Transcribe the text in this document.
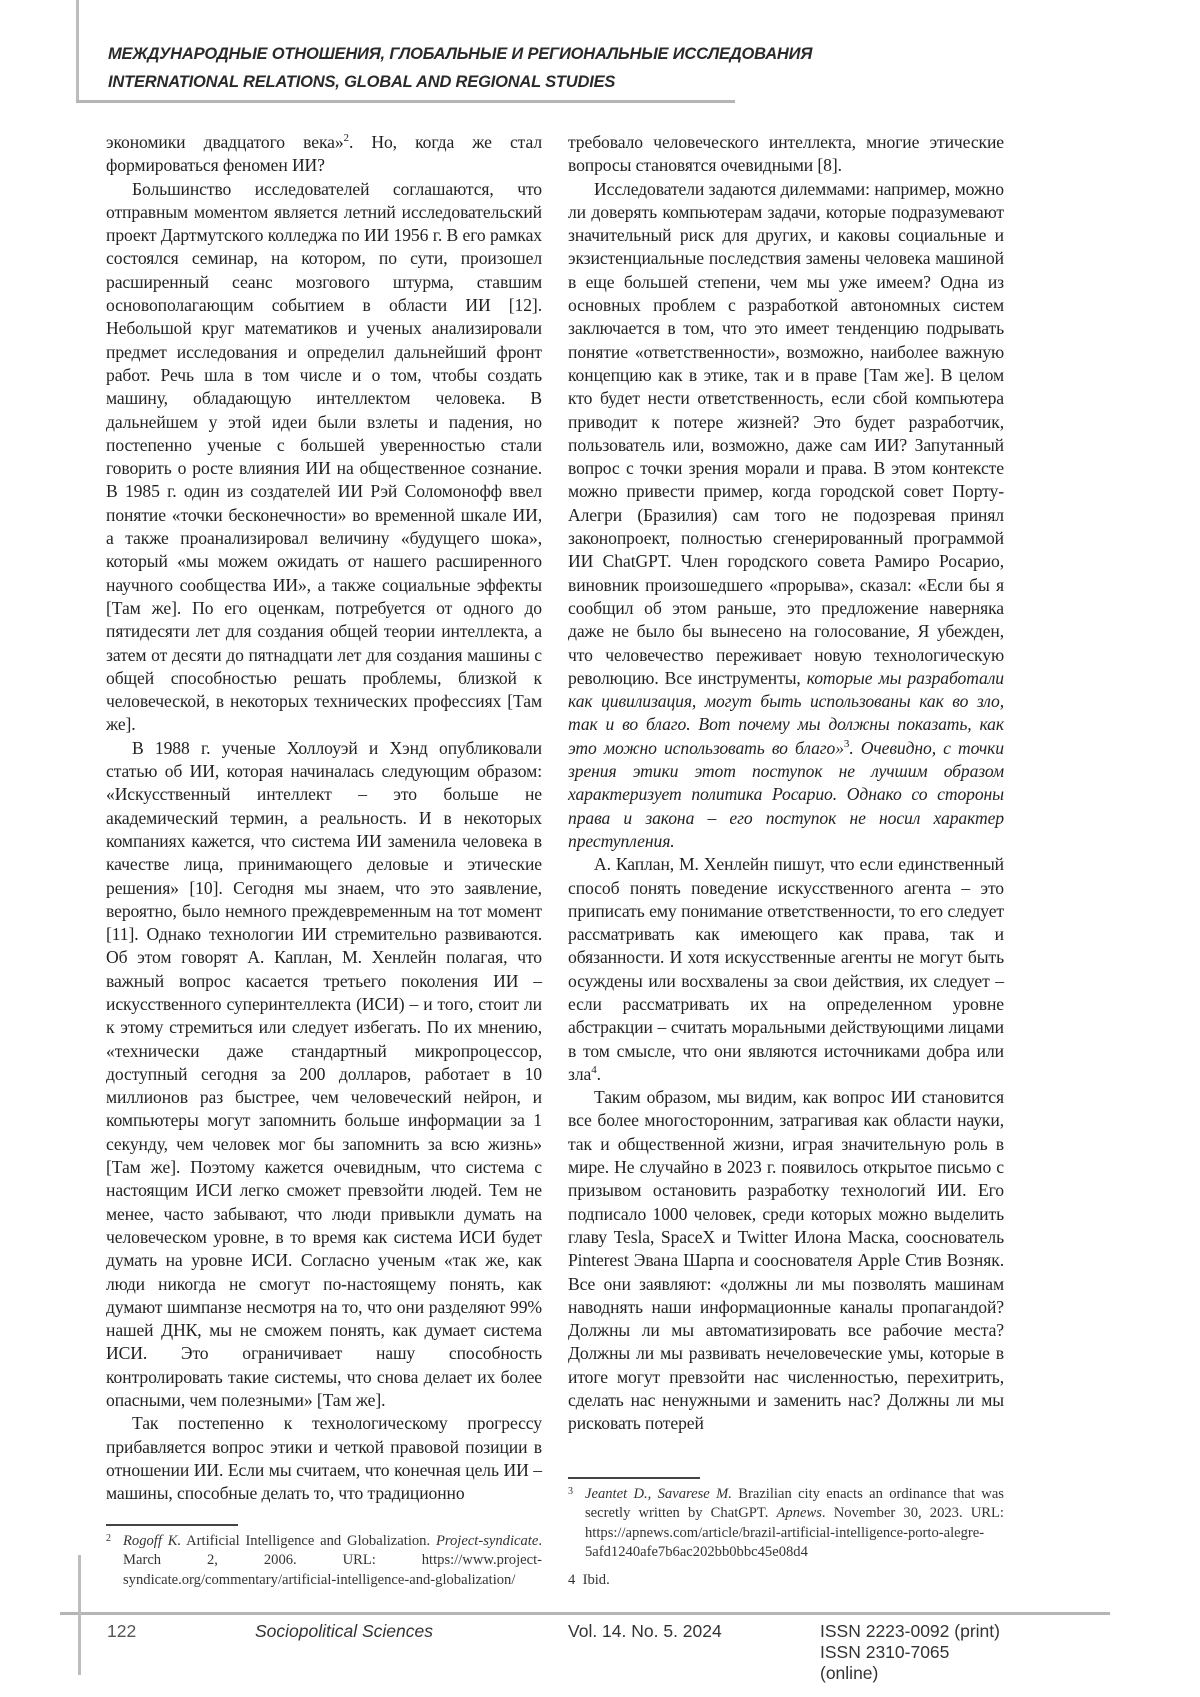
МЕЖДУНАРОДНЫЕ ОТНОШЕНИЯ, ГЛОБАЛЬНЫЕ И РЕГИОНАЛЬНЫЕ ИССЛЕДОВАНИЯ
INTERNATIONAL RELATIONS, GLOBAL AND REGIONAL STUDIES

экономики двадцатого века»$^2$. Но, когда же стал формироваться феномен ИИ?

Большинство исследователей соглашаются, что отправным моментом является летний исследовательский проект Дартмутского колледжа по ИИ 1956 г. В его рамках состоялся семинар, на котором, по сути, произошел расширенный сеанс мозгового штурма, ставшим основополагающим событием в области ИИ [12]. Небольшой круг математиков и ученых анализировали предмет исследования и определил дальнейший фронт работ. Речь шла в том числе и о том, чтобы создать машину, обладающую интеллектом человека. В дальнейшем у этой идеи были взлеты и падения, но постепенно ученые с большей уверенностью стали говорить о росте влияния ИИ на общественное сознание. В 1985 г. один из создателей ИИ Рэй Соломонофф ввел понятие «точки бесконечности» во временной шкале ИИ, а также проанализировал величину «будущего шока», который «мы можем ожидать от нашего расширенного научного сообщества ИИ», а также социальные эффекты [Там же]. По его оценкам, потребуется от одного до пятидесяти лет для создания общей теории интеллекта, а затем от десяти до пятнадцати лет для создания машины с общей способностью решать проблемы, близкой к человеческой, в некоторых технических профессиях [Там же].

В 1988 г. ученые Холлоуэй и Хэнд опубликовали статью об ИИ, которая начиналась следующим образом: «Искусственный интеллект – это больше не академический термин, а реальность. И в некоторых компаниях кажется, что система ИИ заменила человека в качестве лица, принимающего деловые и этические решения» [10]. Сегодня мы знаем, что это заявление, вероятно, было немного преждевременным на тот момент [11]. Однако технологии ИИ стремительно развиваются. Об этом говорят А. Каплан, М. Хенлейн полагая, что важный вопрос касается третьего поколения ИИ – искусственного суперинтеллекта (ИСИ) – и того, стоит ли к этому стремиться или следует избегать. По их мнению, «технически даже стандартный микропроцессор, доступный сегодня за 200 долларов, работает в 10 миллионов раз быстрее, чем человеческий нейрон, и компьютеры могут запомнить больше информации за 1 секунду, чем человек мог бы запомнить за всю жизнь» [Там же]. Поэтому кажется очевидным, что система с настоящим ИСИ легко сможет превзойти людей. Тем не менее, часто забывают, что люди привыкли думать на человеческом уровне, в то время как система ИСИ будет думать на уровне ИСИ. Согласно ученым «так же, как люди никогда не смогут по-настоящему понять, как думают шимпанзе несмотря на то, что они разделяют 99% нашей ДНК, мы не сможем понять, как думает система ИСИ. Это ограничивает нашу способность контролировать такие системы, что снова делает их более опасными, чем полезными» [Там же].

Так постепенно к технологическому прогрессу прибавляется вопрос этики и четкой правовой позиции в отношении ИИ. Если мы считаем, что конечная цель ИИ – машины, способные делать то, что традиционно

2 Rogoff K. Artificial Intelligence and Globalization. Project-syndicate. March 2, 2006. URL: https://www.project-syndicate.org/commentary/artificial-intelligence-and-globalization/

требовало человеческого интеллекта, многие этические вопросы становятся очевидными [8].

Исследователи задаются дилеммами: например, можно ли доверять компьютерам задачи, которые подразумевают значительный риск для других, и каковы социальные и экзистенциальные последствия замены человека машиной в еще большей степени, чем мы уже имеем? Одна из основных проблем с разработкой автономных систем заключается в том, что это имеет тенденцию подрывать понятие «ответственности», возможно, наиболее важную концепцию как в этике, так и в праве [Там же]. В целом кто будет нести ответственность, если сбой компьютера приводит к потере жизней? Это будет разработчик, пользователь или, возможно, даже сам ИИ? Запутанный вопрос с точки зрения морали и права. В этом контексте можно привести пример, когда городской совет Порту-Алегри (Бразилия) сам того не подозревая принял законопроект, полностью сгенерированный программой ИИ ChatGPT. Член городского совета Рамиро Росарио, виновник произошедшего «прорыва», сказал: «Если бы я сообщил об этом раньше, это предложение наверняка даже не было бы вынесено на голосование, Я убежден, что человечество переживает новую технологическую революцию. Все инструменты, которые мы разработали как цивилизация, могут быть использованы как во зло, так и во благо. Вот почему мы должны показать, как это можно использовать во благо»$^3$. Очевидно, с точки зрения этики этот поступок не лучшим образом характеризует политика Росарио. Однако со стороны права и закона – его поступок не носил характер преступления.

А. Каплан, М. Хенлейн пишут, что если единственный способ понять поведение искусственного агента – это приписать ему понимание ответственности, то его следует рассматривать как имеющего как права, так и обязанности. И хотя искусственные агенты не могут быть осуждены или восхвалены за свои действия, их следует – если рассматривать их на определенном уровне абстракции – считать моральными действующими лицами в том смысле, что они являются источниками добра или зла$^4$.

Таким образом, мы видим, как вопрос ИИ становится все более многосторонним, затрагивая как области науки, так и общественной жизни, играя значительную роль в мире. Не случайно в 2023 г. появилось открытое письмо с призывом остановить разработку технологий ИИ. Его подписало 1000 человек, среди которых можно выделить главу Tesla, SpaceX и Twitter Илона Маска, сооснователь Pinterest Эвана Шарпа и сооснователя Apple Стив Возняк. Все они заявляют: «должны ли мы позволять машинам наводнять наши информационные каналы пропагандой? Должны ли мы автоматизировать все рабочие места? Должны ли мы развивать нечеловеческие умы, которые в итоге могут превзойти нас численностью, перехитрить, сделать нас ненужными и заменить нас? Должны ли мы рисковать потерей

3 Jeantet D., Savarese M. Brazilian city enacts an ordinance that was secretly written by ChatGPT. Apnews. November 30, 2023. URL: https://apnews.com/article/brazil-artificial-intelligence-porto-alegre-5afd1240afe7b6ac202bb0bbc45e08d4
4 Ibid.
122	Sociopolitical Sciences	Vol. 14. No. 5. 2024	ISSN 2223-0092 (print)
ISSN 2310-7065 (online)
